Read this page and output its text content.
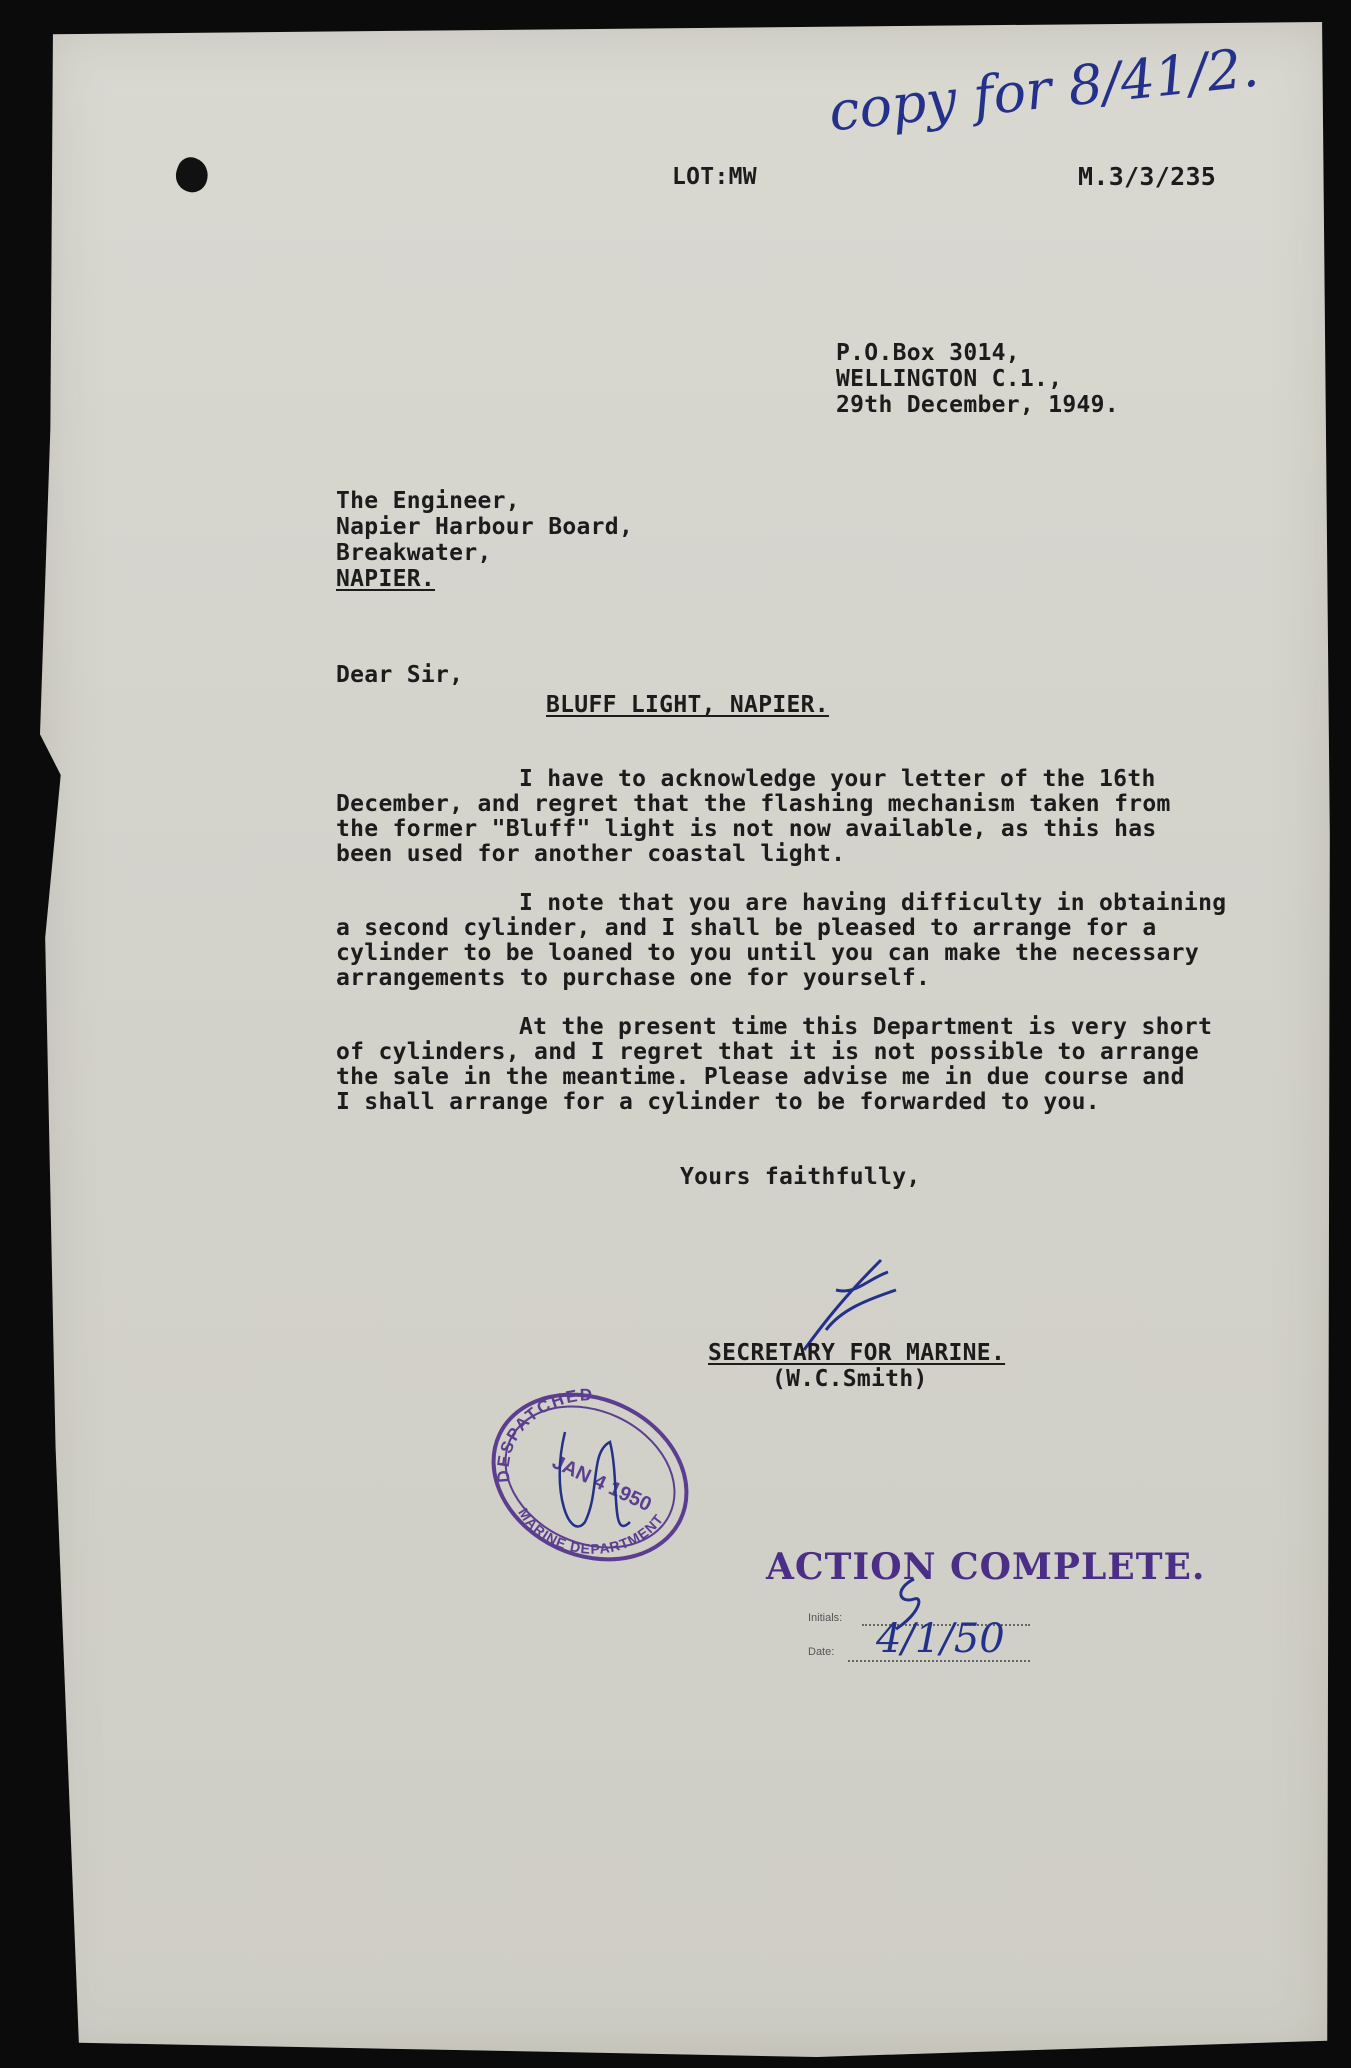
copy for 8/41/2.
LOT:MW	M.3/3/235
P.O.Box 3014,
WELLINGTON C.1.,
29th December, 1949.
The Engineer,
Napier Harbour Board,
Breakwater,
NAPIER.
Dear Sir,
BLUFF LIGHT, NAPIER.
I have to acknowledge your letter of the 16th
December, and regret that the flashing mechanism taken from
the former "Bluff" light is not now available, as this has
been used for another coastal light.
I note that you are having difficulty in obtaining
a second cylinder, and I shall be pleased to arrange for a
cylinder to be loaned to you until you can make the necessary
arrangements to purchase one for yourself.
At the present time this Department is very short
of cylinders, and I regret that it is not possible to arrange
the sale in the meantime. Please advise me in due course and
I shall arrange for a cylinder to be forwarded to you.
Yours faithfully,
SECRETARY FOR MARINE.
(W.C.Smith)
DESPATCHED
MARINE DEPARTMENT
JAN 4 1950
ACTION COMPLETE.
Initials:
Date: 4/1/50
